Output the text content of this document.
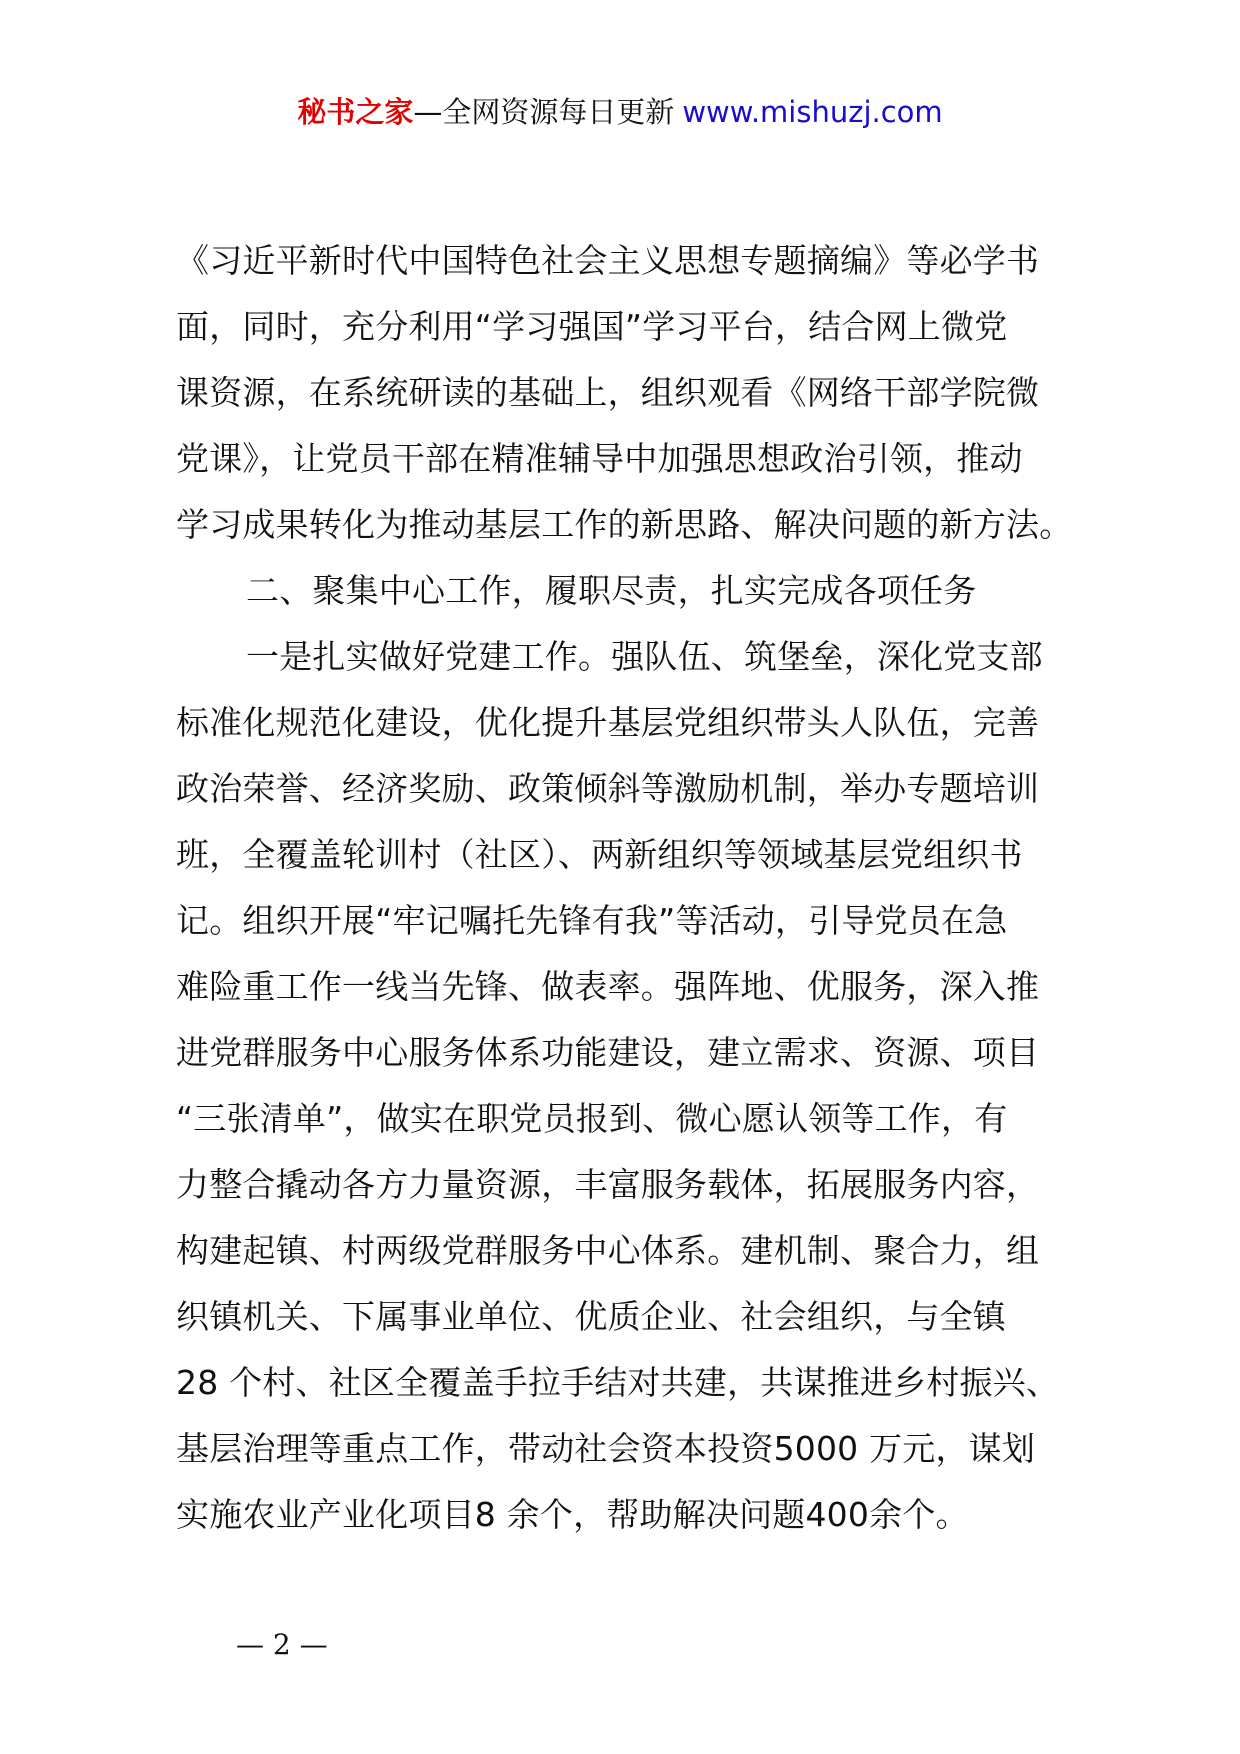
秘书之家—全网资源每日更新 www.mishuzj.com
《习近平新时代中国特色社会主义思想专题摘编》等必学书
面，同时，充分利用“学习强国”学习平台，结合网上微党
课资源，在系统研读的基础上，组织观看《网络干部学院微
党课》，让党员干部在精准辅导中加强思想政治引领，推动
学习成果转化为推动基层工作的新思路、解决问题的新方法。
二、聚集中心工作，履职尽责，扎实完成各项任务
一是扎实做好党建工作。强队伍、筑堡垒，深化党支部
标准化规范化建设，优化提升基层党组织带头人队伍，完善
政治荣誉、经济奖励、政策倾斜等激励机制，举办专题培训
班，全覆盖轮训村（社区）、两新组织等领域基层党组织书
记。组织开展“牢记嘱托先锋有我”等活动，引导党员在急
难险重工作一线当先锋、做表率。强阵地、优服务，深入推
进党群服务中心服务体系功能建设，建立需求、资源、项目
“三张清单”，做实在职党员报到、微心愿认领等工作，有
力整合撬动各方力量资源，丰富服务载体，拓展服务内容，
构建起镇、村两级党群服务中心体系。建机制、聚合力，组
织镇机关、下属事业单位、优质企业、社会组织，与全镇
28 个村、社区全覆盖手拉手结对共建，共谋推进乡村振兴、
基层治理等重点工作，带动社会资本投资5000 万元，谋划
实施农业产业化项目8 余个，帮助解决问题400余个。
— 2 —
